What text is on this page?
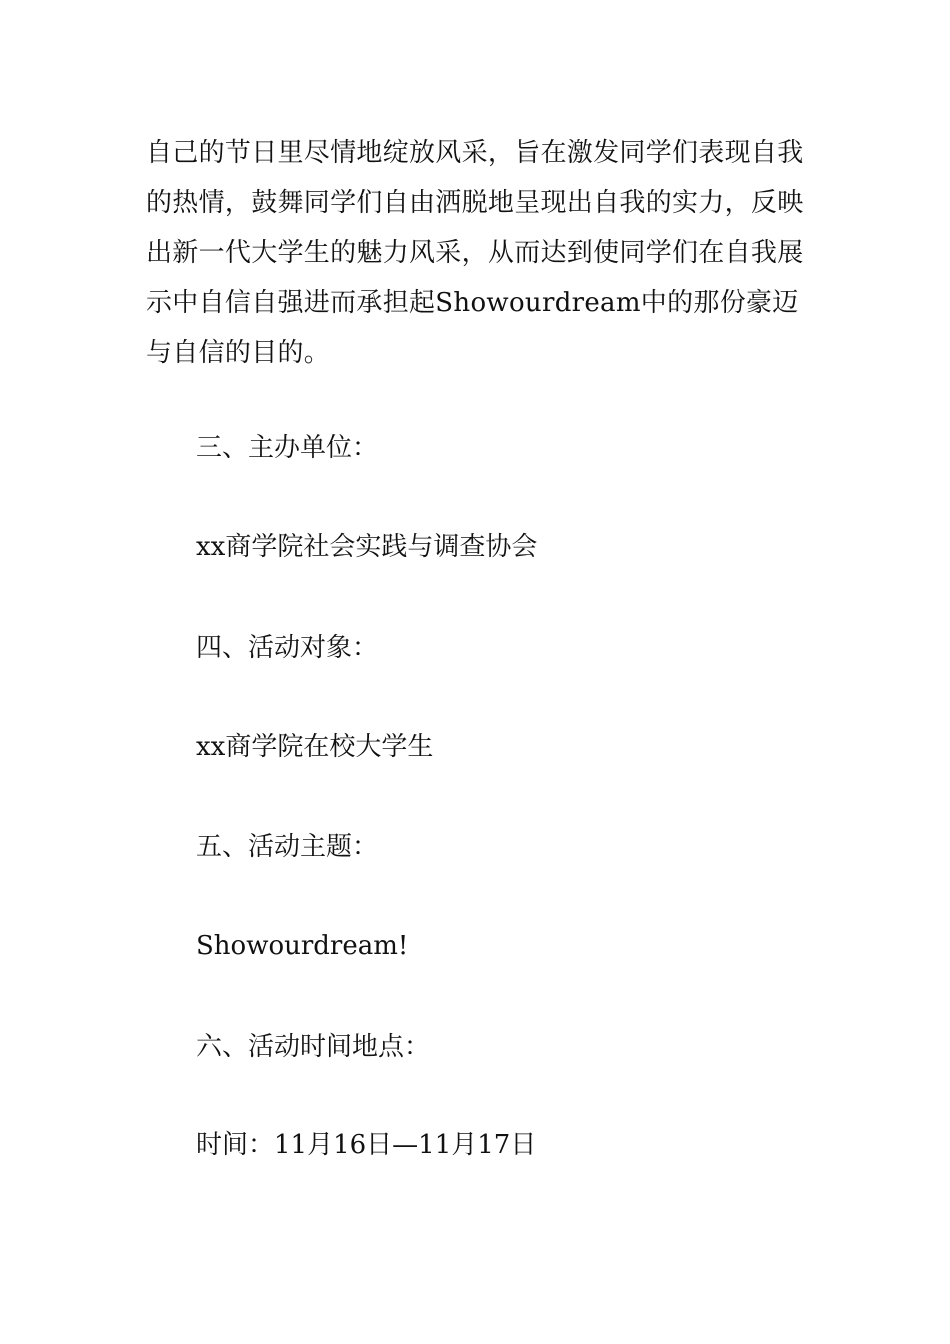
自己的节日里尽情地绽放风采，旨在激发同学们表现自我的热情，鼓舞同学们自由洒脱地呈现出自我的实力，反映出新一代大学生的魅力风采，从而达到使同学们在自我展示中自信自强进而承担起Showourdream中的那份豪迈与自信的目的。

三、主办单位：

xx商学院社会实践与调查协会

四、活动对象：

xx商学院在校大学生

五、活动主题：

Showourdream!

六、活动时间地点：

时间：11月16日—11月17日
